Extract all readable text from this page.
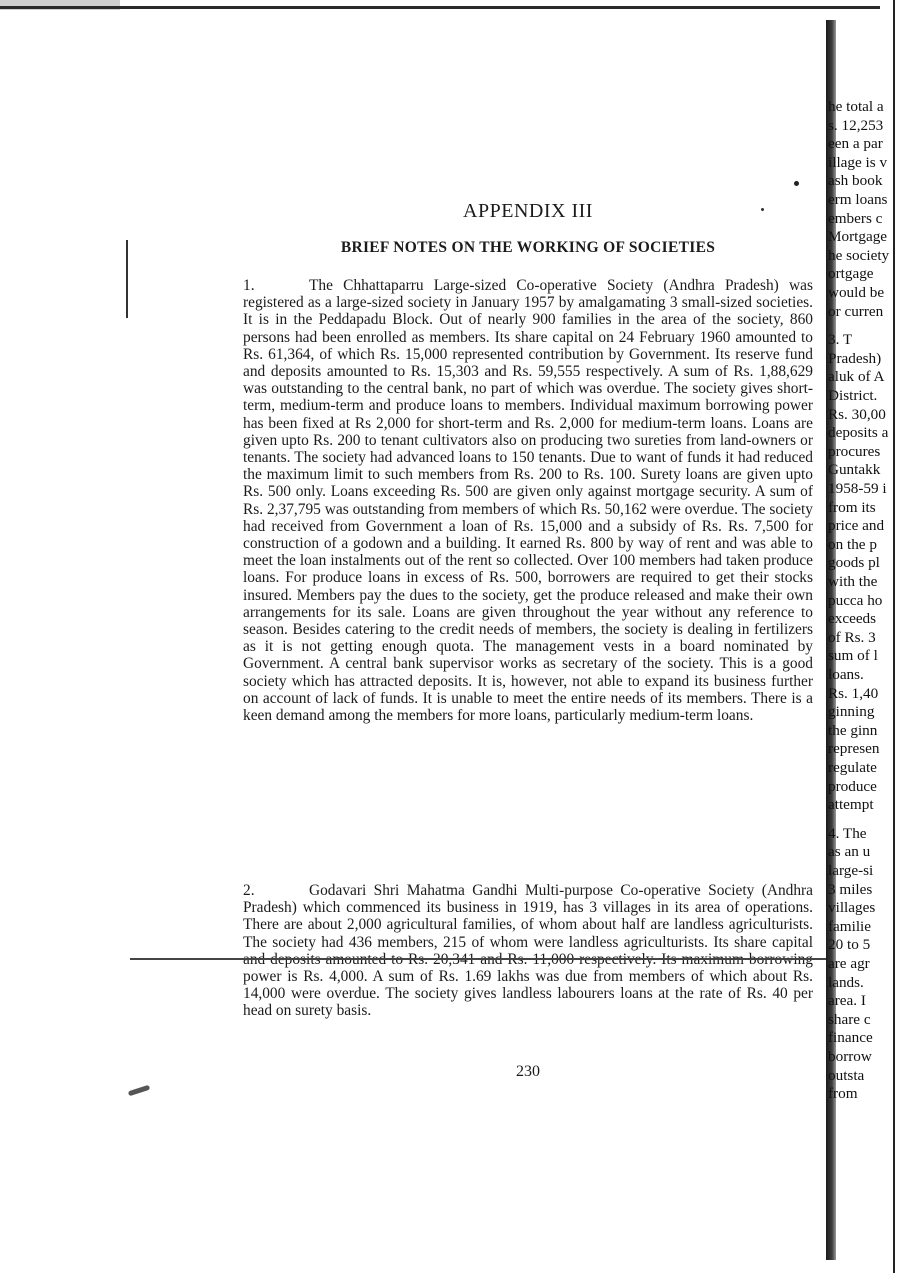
APPENDIX III
BRIEF NOTES ON THE WORKING OF SOCIETIES

1.	The Chhattaparru Large-sized Co-operative Society (Andhra Pradesh) was registered as a large-sized society in January 1957 by amalgamating 3 small-sized societies. It is in the Peddapadu Block. Out of nearly 900 families in the area of the society, 860 persons had been enrolled as members. Its share capital on 24 February 1960 amounted to Rs. 61,364, of which Rs. 15,000 represented contribution by Government. Its reserve fund and deposits amounted to Rs. 15,303 and Rs. 59,555 respectively. A sum of Rs. 1,88,629 was outstanding to the central bank, no part of which was overdue. The society gives short-term, medium-term and produce loans to members. Individual maximum borrowing power has been fixed at Rs 2,000 for short-term and Rs. 2,000 for medium-term loans. Loans are given upto Rs. 200 to tenant cultivators also on producing two sureties from land-owners or tenants. The society had advanced loans to 150 tenants. Due to want of funds it had reduced the maximum limit to such members from Rs. 200 to Rs. 100. Surety loans are given upto Rs. 500 only. Loans exceeding Rs. 500 are given only against mortgage security. A sum of Rs. 2,37,795 was outstanding from members of which Rs. 50,162 were overdue. The society had received from Government a loan of Rs. 15,000 and a subsidy of Rs. Rs. 7,500 for construction of a godown and a building. It earned Rs. 800 by way of rent and was able to meet the loan instalments out of the rent so collected. Over 100 members had taken produce loans. For produce loans in excess of Rs. 500, borrowers are required to get their stocks insured. Members pay the dues to the society, get the produce released and make their own arrangements for its sale. Loans are given throughout the year without any reference to season. Besides catering to the credit needs of members, the society is dealing in fertilizers as it is not getting enough quota. The management vests in a board nominated by Government. A central bank supervisor works as secretary of the society. This is a good society which has attracted deposits. It is, however, not able to expand its business further on account of lack of funds. It is unable to meet the entire needs of its members. There is a keen demand among the members for more loans, particularly medium-term loans.

2.	Godavari Shri Mahatma Gandhi Multi-purpose Co-operative Society (Andhra Pradesh) which commenced its business in 1919, has 3 villages in its area of operations. There are about 2,000 agricultural families, of whom about half are landless agriculturists. The society had 436 members, 215 of whom were landless agriculturists. Its share capital power is Rs. 4,000. A sum of Rs. 1.69 lakhs was due from members of which about Rs. 14,000 were overdue. The society gives landless labourers loans at the rate of Rs. 40 per head on surety basis.

230
he total a
s. 12,253
een a par
illage is v
ash book
erm loans
embers c
Mortgage
he society
ortgage
would be
or curren
3. T
Pradesh)
aluk of A
District.
Rs. 30,00
deposits a
procures
Guntakk
1958-59 i
from its
price and
on the p
goods pl
with the
pucca ho
exceeds
of Rs. 3
sum of l
loans.
Rs. 1,40
ginning
the ginn
represen
regulate
produce
attempt
4. The
as an u
large-si
3 miles
villages
familie
20 to 5
are agr
lands.
area. I
share c
finance
borrow
outsta
from
